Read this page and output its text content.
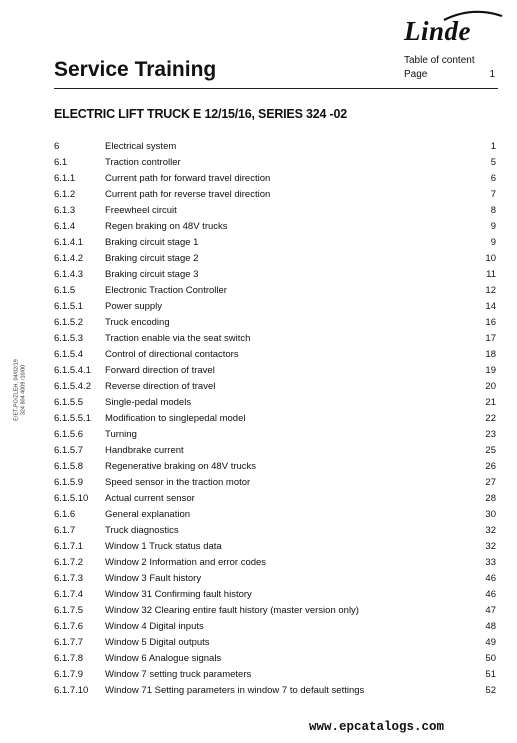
Linde
Service Training	Table of content
Page	1
ELECTRIC LIFT TRUCK E 12/15/16, SERIES 324 -02
E/ET-PO/ZLEH, 04/02/19 324 804 4009 /10/00
6	Electrical system	1
6.1	Traction controller	5
6.1.1	Current path for forward travel direction	6
6.1.2	Current path for reverse travel direction	7
6.1.3	Freewheel circuit	8
6.1.4	Regen braking on 48V trucks	9
6.1.4.1 Braking circuit stage 1	9
6.1.4.2 Braking circuit stage 2	10
6.1.4.3 Braking circuit stage 3	11
6.1.5	Electronic Traction Controller	12
6.1.5.1 Power supply	14
6.1.5.2 Truck encoding	16
6.1.5.3 Traction enable via the seat switch	17
6.1.5.4 Control of directional contactors	18
6.1.5.4.1 Forward direction of travel	19
6.1.5.4.2 Reverse direction of travel	20
6.1.5.5 Single-pedal models	21
6.1.5.5.1 Modification to singlepedal model	22
6.1.5.6 Turning	23
6.1.5.7 Handbrake current	25
6.1.5.8 Regenerative braking on 48V trucks	26
6.1.5.9 Speed sensor in the traction motor	27
6.1.5.10 Actual current sensor	28
6.1.6	General explanation	30
6.1.7	Truck diagnostics	32
6.1.7.1 Window 1 Truck status data	32
6.1.7.2 Window 2 Information and error codes	33
6.1.7.3 Window 3 Fault history	46
6.1.7.4 Window 31 Confirming fault history	46
6.1.7.5 Window 32 Clearing entire fault history (master version only)	47
6.1.7.6 Window 4 Digital inputs	48
6.1.7.7 Window 5 Digital outputs	49
6.1.7.8 Window 6 Analogue signals	50
6.1.7.9 Window 7 setting truck parameters	51
6.1.7.10 Window 71 Setting parameters in window 7 to default settings	52
www.epcatalogs.com
